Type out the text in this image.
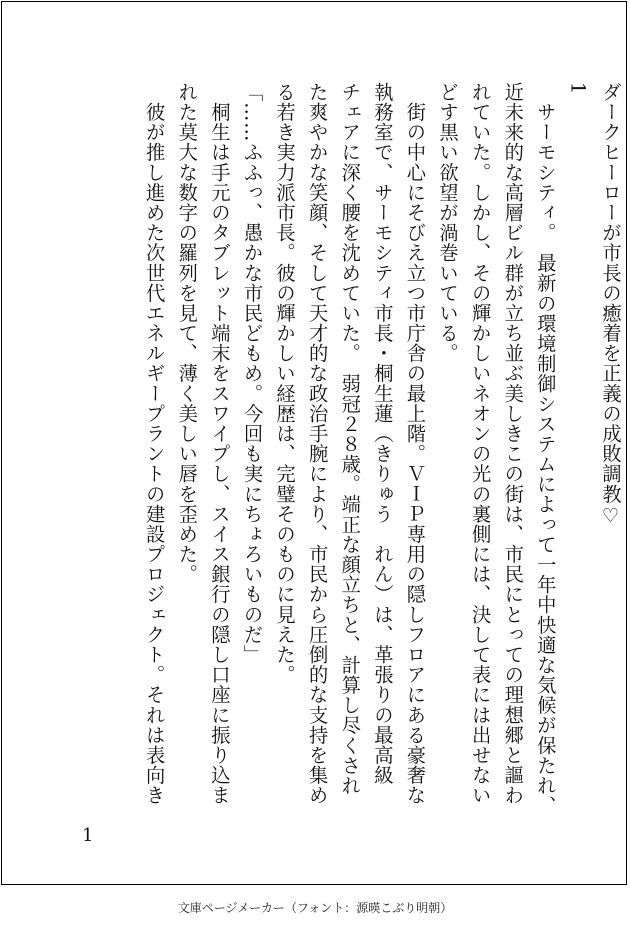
ダークヒーローが市長の癒着を正義の成敗調教♡
1
　サーモシティ。　最新の環境制御システムによって一年中快適な気候が保たれ、
近未来的な高層ビル群が立ち並ぶ美しきこの街は、市民にとっての理想郷と謳わ
れていた。しかし、その輝かしいネオンの光の裏側には、決して表には出せない
どす黒い欲望が渦巻いている。
　街の中心にそびえ立つ市庁舎の最上階。ＶＩＰ専用の隠しフロアにある豪奢な
執務室で、サーモシティ市長・桐生蓮（きりゅう　れん）は、革張りの最高級
チェアに深く腰を沈めていた。　弱冠２８歳。端正な顔立ちと、計算し尽くされ
た爽やかな笑顔、そして天才的な政治手腕により、市民から圧倒的な支持を集め
る若き実力派市長。彼の輝かしい経歴は、完璧そのものに見えた。
「……ふふっ、愚かな市民どもめ。今回も実にちょろいものだ」
　桐生は手元のタブレット端末をスワイプし、スイス銀行の隠し口座に振り込ま
れた莫大な数字の羅列を見て、薄く美しい唇を歪めた。
　彼が推し進めた次世代エネルギープラントの建設プロジェクト。それは表向き
1
文庫ページメーカー（フォント：源暎こぶり明朝）
